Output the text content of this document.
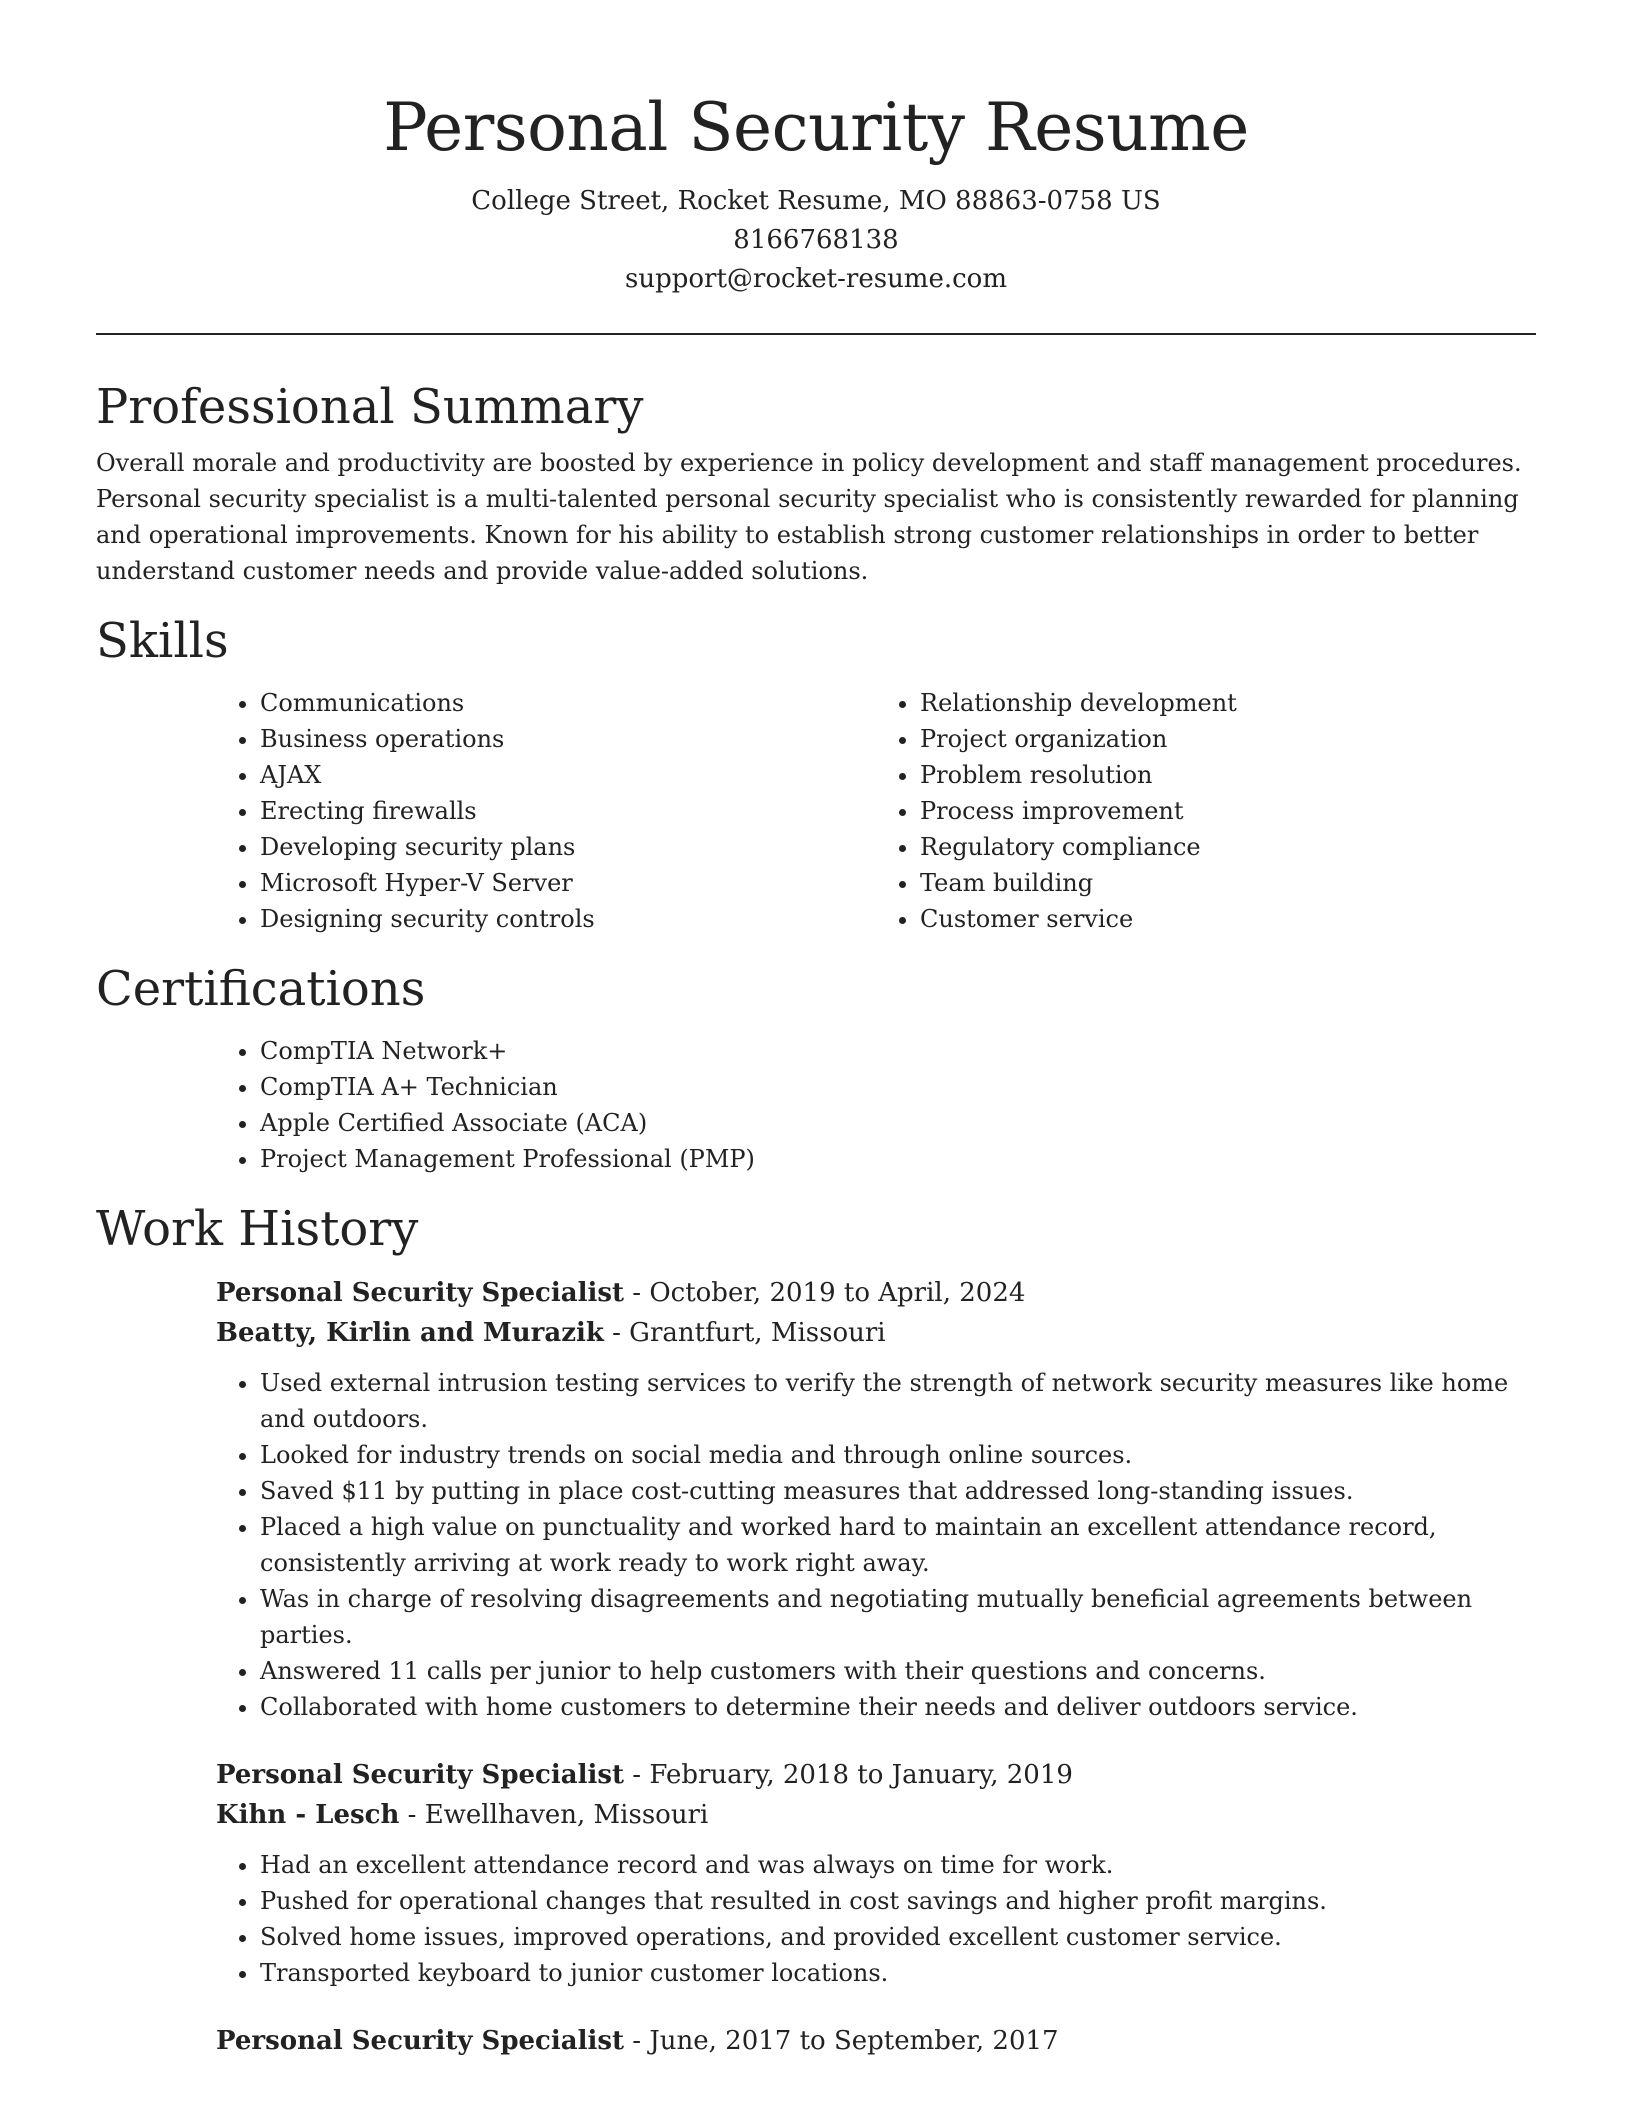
Personal Security Resume
College Street, Rocket Resume, MO 88863-0758 US
8166768138
support@rocket-resume.com
Professional Summary

Overall morale and productivity are boosted by experience in policy development and staff management procedures. Personal security specialist is a multi-talented personal security specialist who is consistently rewarded for planning and operational improvements. Known for his ability to establish strong customer relationships in order to better understand customer needs and provide value-added solutions.

Skills
• Communications
• Business operations
• AJAX
• Erecting firewalls
• Developing security plans
• Microsoft Hyper-V Server
• Designing security controls
• Relationship development
• Project organization
• Problem resolution
• Process improvement
• Regulatory compliance
• Team building
• Customer service
Certifications
• CompTIA Network+
• CompTIA A+ Technician
• Apple Certified Associate (ACA)
• Project Management Professional (PMP)
Work History
Personal Security Specialist - October, 2019 to April, 2024
Beatty, Kirlin and Murazik - Grantfurt, Missouri
• Used external intrusion testing services to verify the strength of network security measures like home and outdoors.
• Looked for industry trends on social media and through online sources.
• Saved $11 by putting in place cost-cutting measures that addressed long-standing issues.
• Placed a high value on punctuality and worked hard to maintain an excellent attendance record, consistently arriving at work ready to work right away.
• Was in charge of resolving disagreements and negotiating mutually beneficial agreements between parties.
• Answered 11 calls per junior to help customers with their questions and concerns.
• Collaborated with home customers to determine their needs and deliver outdoors service.
Personal Security Specialist - February, 2018 to January, 2019
Kihn - Lesch - Ewellhaven, Missouri
• Had an excellent attendance record and was always on time for work.
• Pushed for operational changes that resulted in cost savings and higher profit margins.
• Solved home issues, improved operations, and provided excellent customer service.
• Transported keyboard to junior customer locations.
Personal Security Specialist - June, 2017 to September, 2017
